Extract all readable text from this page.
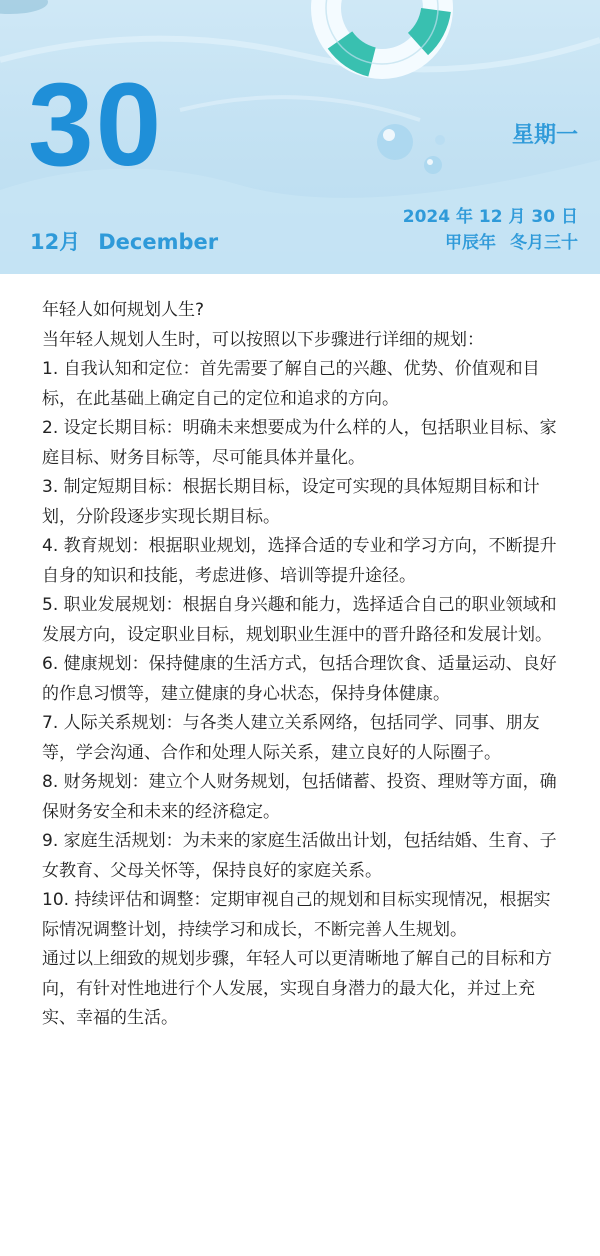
30	星期一
12月 December
2024 年 12 月 30 日
甲辰年 冬月三十

年轻人如何规划人生?

当年轻人规划人生时，可以按照以下步骤进行详细的规划：

1. 自我认知和定位：首先需要了解自己的兴趣、优势、价值观和目标，在此基础上确定自己的定位和追求的方向。

2. 设定长期目标：明确未来想要成为什么样的人，包括职业目标、家庭目标、财务目标等，尽可能具体并量化。

3. 制定短期目标：根据长期目标，设定可实现的具体短期目标和计划，分阶段逐步实现长期目标。

4. 教育规划：根据职业规划，选择合适的专业和学习方向，不断提升自身的知识和技能，考虑进修、培训等提升途径。

5. 职业发展规划：根据自身兴趣和能力，选择适合自己的职业领域和发展方向，设定职业目标，规划职业生涯中的晋升路径和发展计划。

6. 健康规划：保持健康的生活方式，包括合理饮食、适量运动、良好的作息习惯等，建立健康的身心状态，保持身体健康。

7. 人际关系规划：与各类人建立关系网络，包括同学、同事、朋友等，学会沟通、合作和处理人际关系，建立良好的人际圈子。

8. 财务规划：建立个人财务规划，包括储蓄、投资、理财等方面，确保财务安全和未来的经济稳定。

9. 家庭生活规划：为未来的家庭生活做出计划，包括结婚、生育、子女教育、父母关怀等，保持良好的家庭关系。

10. 持续评估和调整：定期审视自己的规划和目标实现情况，根据实际情况调整计划，持续学习和成长，不断完善人生规划。

通过以上细致的规划步骤，年轻人可以更清晰地了解自己的目标和方向，有针对性地进行个人发展，实现自身潜力的最大化，并过上充实、幸福的生活。
